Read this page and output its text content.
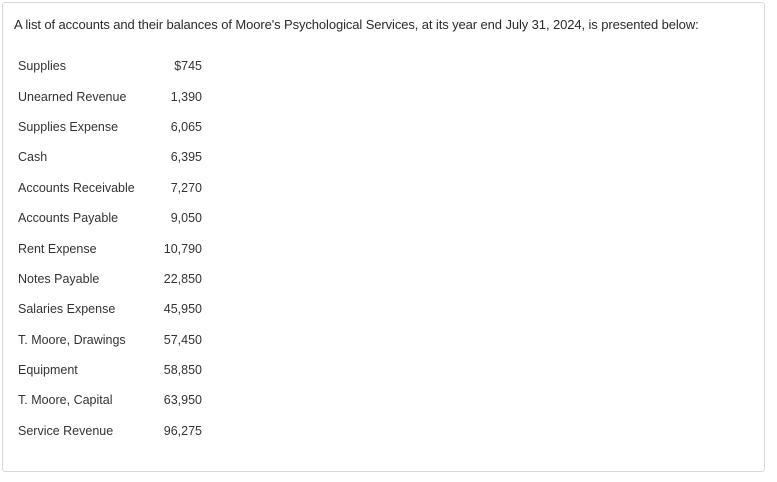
A list of accounts and their balances of Moore's Psychological Services, at its year end July 31, 2024, is presented below:
Supplies	$745
Unearned Revenue	1,390
Supplies Expense	6,065
Cash	6,395
Accounts Receivable	7,270
Accounts Payable	9,050
Rent Expense	10,790
Notes Payable	22,850
Salaries Expense	45,950
T. Moore, Drawings	57,450
Equipment	58,850
T. Moore, Capital	63,950
Service Revenue	96,275
